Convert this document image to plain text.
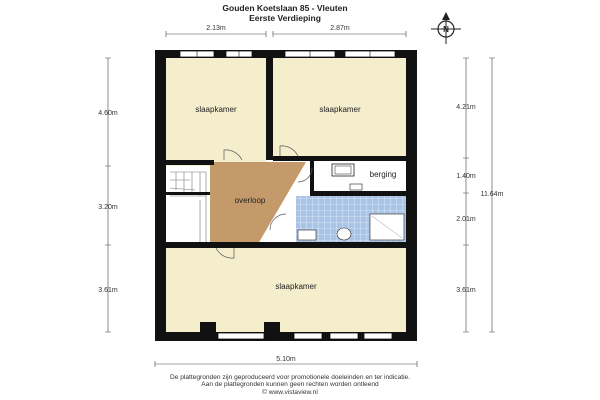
Gouden Koetslaan 85 - Vleuten
Eerste Verdieping
N
slaapkamer	slaapkamer
berging
overloop
slaapkamer
2.13m	2.87m
5.10m
4.60m
3.20m
3.61m
4.21m
1.40m
2.01m
3.61m
11.64m
De plattegronden zijn geproduceerd voor promotionele doeleinden en ter indicatie.
Aan de plattegronden kunnen geen rechten worden ontleend
© www.vistaview.nl
